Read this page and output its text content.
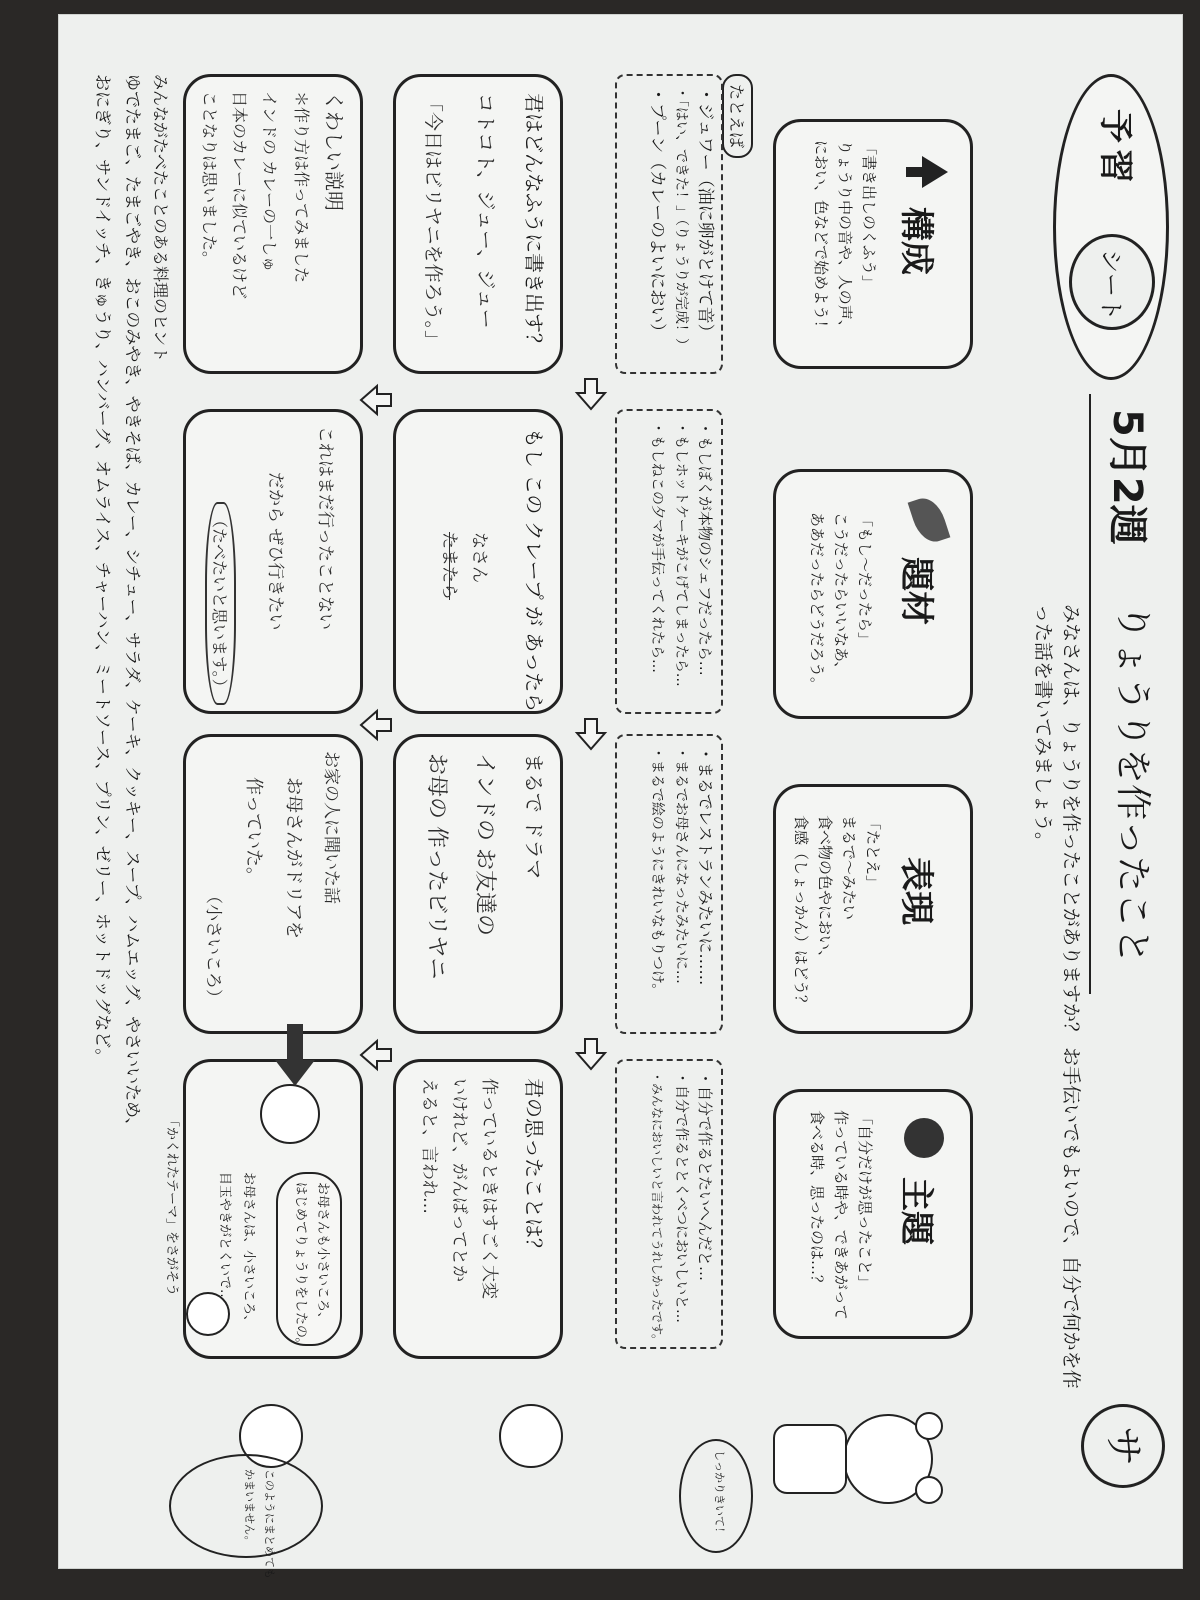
予習
シート
5月2週
りょうりを作ったこと
みなさんは、りょうりを作ったことがありますか？ お手伝いでもよいので、自分で何かを作った話を書いてみましょう。
サ
構成
「書き出しのくふう」
りょうり中の音や、人の声、
におい、色などで始めよう！
題材
「もし〜だったら」
こうだったらいいなあ、
ああだったらどうだろう。
表現
「たとえ」
まるで〜みたい
食べ物の色やにおい、
食感（しょっかん）はどう？
主題
「自分だけが思ったこと」
作っている時や、できあがって
食べる時、思ったのは…？
たとえば
・ジュワー（油に卵がとけて音）
・「はい、できた！」（りょうりが完成！）
・プーン（カレーのよいにおい）
・もしぼくが本物のシェフだったら…
・もしホットケーキがこげてしまったら…
・もしねこの夕マが手伝ってくれたら…
・まるでレストランみたいに……
・まるでお母さんになったみたいに…
・まるで絵のようにきれいなもりつけ。
・自分で作るとたいへんだと…
・自分で作るととくべつにおいしいと…
・みんなにおいしいと言われてうれしかったです。
君はどんなふうに書き出す？
コトコト、ジュー、ジュー
「今日はビリヤニを作ろう。」
もし この クレープ が あったら
なさん
たまたら
まるで ドラマ
インドの お友達の
お母の 作ったビリヤニ
君の思ったことは？
作っているときはすごく大変
いけれど、がんばってとか
えると、言われ…
くわしい説明
＊作り方は作ってみました
インドの カレーの一しゅ
日本のカレーに似ているけど
ことなりは思いました。
これはまだ行ったことない
だから ぜひ行きたい
（たべたいと思います。）
お家の人に聞いた話
お母さんがドリアを
作っていた。
（小さいころ）
お母さんも小さいころ、
はじめてりょうりをしたの。
お母さんは、小さいころ、
目玉やきがとくいで…
しっかりきいて！
このようにまとめても
かまいません。
「かくれたテーマ」をさがそう
みんながたべたことのある料理のヒント
ゆでたまご、たまごやき、おこのみやき、やきそば、カレー、シチュー、サラダ、ケーキ、クッキー、スープ、ハムエッグ、やさいいため、
おにぎり、サンドイッチ、きゅうり、ハンバーグ、オムライス、チャーハン、ミートソース、プリン、ゼリー、ホットドッグなど。
